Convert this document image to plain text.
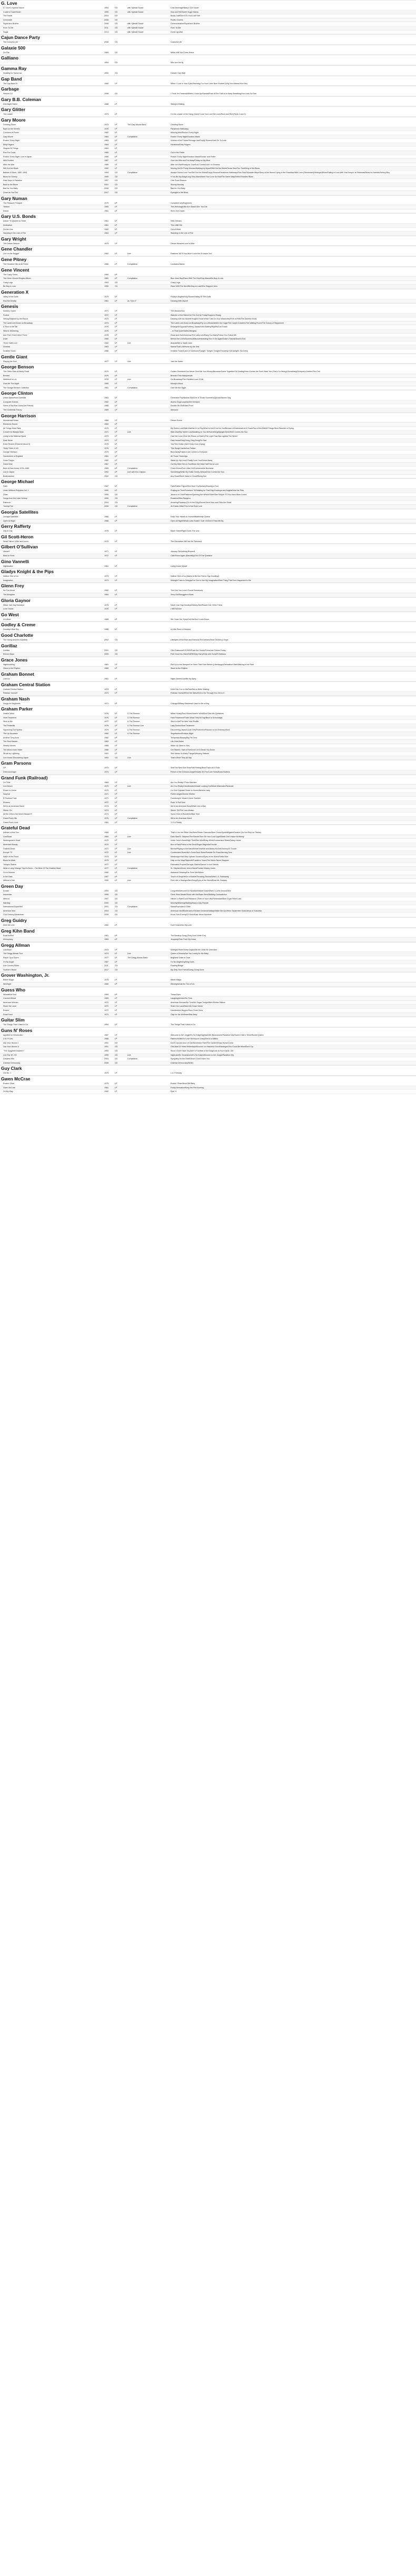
G. Love
G. Love & Special Sauce	1994	CD	with Special Sauce	Cold Beverage/Baby's Got Sauce
Coast to Coast Motel	1995	CD	with Special Sauce	Kiss and Tell/Sweet Sugar Mama
The Hustle	2004	CD	Booty Call/Give It To You/Lovin' Me
Lemonade	2006	CD	Rodeo Clowns
Superhero Brother	2008	CD	with Special Sauce	Communication/Superhero Brother
Fixin' To Die	2011	CD	with Special Sauce	Fixin' To Die
Sugar	2014	CD	with Special Sauce	Come Up Man
Cajun Dance Party
The Colourful Life	2008	CD	Colourful Life
Galaxie 500
On Fire	1989	CD	When Will You Come Home
Galliano
1994	CD	Who are the fly
Gamma Ray
Heading for Tomorrow	1990	CD	Heaven Can Wait
Gap Band
The Gap Band III	1980	LP	When I Look In Your Eyes/Yearning For Your Love/ Burn Rubber (Why You Wanna Hurt Me)
Garbage
Version 2.0	1998	CD	I Think I'm Paranoid/When I Grow Up/Special/Push It/The Trick Is to Keep Breathing/You Look So Fine
Gary B.B. Coleman
One Night Stand	1988	LP	Sitting & Waiting
Gary Glitter
The Leader	1974	LP	I'm the Leader of the Gang (I Am)/I Love You Love Me Love/Rock and Roll (Parts 1 and 2)
Gary Moore
Grinding Stone	1973	LP	The Gary Moore Band	Grinding Stone
Back on the Streets	1978	LP	Parisienne Walkways
Corridors of Power	1982	LP	Wishing Well/Rockin' Every Night
Gary Moore	1984	LP	Compilation	Rockin' Every Night/Nuclear Attack
Rockin' Every Night	1983	LP	Victims of the Future/Teenage Idol/Empty Rooms/Hold On To Love
Dirty Fingers	1984	LP	Hiroshima/Dirty Fingers
Shapes Of Things	1984	LP
Run For Cover	1985	LP	Out in the Fields
Rockin' Every Night: Live in Japan	1986	LP	Rockin' Every Night/Nuclear Attack/Rockin' and Rollin'
Wild Frontier	1987	LP	Over the Hills and Far Away/Friday on My Mind
After the War	1989	LP	After the War/Ready for Love/Led Clones/Livin' on Dreams
Still Got the Blues	1990	LP	Moving On/Oh Pretty Woman/Walking by Myself/Still Got the Blues/Texas Strut/Too Tired/King of the Blues
Ballads & Blues, 1982–1994	1994	CD	Compilation	Always Gonna Love You/Still Got the Blues/Empty Rooms/Parisienne Walkways/One Day/Separate Ways/Story of the Blues/Crying in the Shadows/With Love (Remember)/Midnight Blues/Falling in Love with You/Jumpin' at Shadows/Blues for Narada/Johnny Boy
Blues for Greeny	1995	CD	If You Be My Baby/Long Grey Mare/Need Your Love So Bad/The Same Way/Driftin'/Showbiz Blues
Dark Days in Paradise	1997	CD	One Good Reason
Back to the Blues	2001	CD	Stormy Monday
Bad for You Baby	2008	CD	Bad for You Baby
Close as You Get	2007	CD	Eyesight to the Blind
Gary Numan
The Pleasure Principle	1979	LP	Complex/Cars/Engineers
Telekon	1980	LP	This Wreckage/We Are Glass/I Die: You Die
Dance	1981	LP	She's Got Claws
Gary U.S. Bonds
Dance 'Til Quarter to Three	1961	LP	New Orleans
Dedication	1981	LP	This Little Girl
On the Line	1982	LP	Out of Work
Standing in the Line of Fire	1984	LP	Standing in the Line of Fire
Gary Wright
The Dream Weaver	1975	LP	Dream Weaver/Love Is Alive
Gene Chandler
Live on the Nugget	1962	LP	Live	Rainbow '65/"If You Won't Love Me I'll Leave You"
Gene Pitney
The Greatest Hits of All Times	1966	LP	Compilation	Louisiana Mama
Gene Vincent
The Crazy Times	1960	LP
The Gene Vincent Singles Album	1981	LP	Compilation	Blue Jean Bop/Race With The Devil/Say Mama/Be-Bop-A-Lula
Crazy Legs	1993	CD	Crazy Legs
Be-Bop-A-Lula	1995	CD	Race With The Devil/Be-Bop-A-Lula/Who Slapped John
Generation X
Valley of the Dolls	1979	LP	Friday's Angels/King Rocker/Valley Of The Dolls
Kiss Me Deadly	1981	LP	as "Gen X"	Dancing With Myself
Genesis
Nursery Cryme	1971	LP	The Musical Box
Foxtrot	1972	LP	Watcher of the Skies/Get 'Em Out by Friday/Supper's Ready
Selling England by the Pound	1973	LP	Dancing with the Moonlit Knight/I Know What I Like (In Your Wardrobe)/Firth of Fifth/The Cinema Show
The Lamb Lies Down on Broadway	1974	LP	The Lamb Lies Down on Broadway/Fly on a Windshield/In the Cage/The Carpet Crawlers/The Waiting Room/The Colony of Slippermen
A Trick of the Tail	1976	LP	Entangled/Squonk/Robbery, Assault and Battery/Ripples/Los Endos
Wind & Wuthering	1976	LP	...In That Quiet Earth/Afterglow
And Then There Were Three	1978	LP	Down and Out/Undertow/The Lady Lies/Many Too Many/Follow You Follow Me
Duke	1980	LP	Behind the Lines/Duchess/Misunderstanding/Turn It On Again/Duke's Travels/Duke's End
Three Sides Live	1982	LP	Live	Abacab/Me & Sarah Jane
Genesis	1983	LP	Mama/That's All/Home by the Sea
Invisible Touch	1986	LP	Invisible Touch/Land of Confusion/Tonight, Tonight, Tonight/Throwing It All Away/In Too Deep
Gentle Giant
Playing the Fool	1977	LP	Live	Just the Same
George Benson
The Other Side of Abbey Road	1970	LP	Golden Slumbers/You Never Give Me Your Money/Because/Come Together/Oh! Darling/Here Comes the Sun/I Want You (She's So Heavy)/Something/Octopus's Garden/The End
Breezin'	1976	LP	Breezin'/This Masquerade
Weekend in L.A.	1978	LP	Live	On Broadway/The Greatest Love Of All
Give Me The Night	1980	LP	Moody's Mood
The George Benson Collection	1981	LP	Compilation	Give Me the Night
George Clinton
Urban Dancefloor Guerillas	1983	LP	Generator Pop/Nubian Nut/One of Those Summers/Quickie/Atomic Dog
Computer Games	1982	LP	Atomic Dog/Loopzilla/Get Dressed
Some of My Best Jokes Are Friends	1985	LP	Double Oh-Oh/Bullet Proof
The Cinderella Theory	1989	LP	Airbound
George Harrison
Wonderwall Music	1968	LP	Dream Scene
Electronic Sound	1969	LP
All Things Must Pass	1970	LP	My Sweet Lord/Wah-Wah/Isn't It a Pity/What Is Life/If Not for You/Beware of Darkness/Let It Down/Run of the Mill/All Things Must Pass/Art of Dying
Concert for Bangla Desh	1971	LP	Live	Wah-Wah/My Sweet Lord/Awaiting on You All/Something/Bangla Desh/Here Comes the Sun
Living in the Material World	1973	LP	Give Me Love (Give Me Peace on Earth)/The Light That Has Lighted The World
Dark Horse	1974	LP	Dark Horse/Ding Dong, Ding Dong/So Sad
Extra Texture (Read All About It)	1975	LP	You/This Guitar (Can't Keep from Crying)
Thirty Three & 1/3	1976	LP	This Song/Crackerbox Palace
George Harrison	1979	LP	Blow Away/Faster/Love Comes to Everyone
Somewhere in England	1981	LP	All Those Years Ago
Gone Troppo	1982	LP	Wake Up My Love/I Really Love You/Dream Away
Cloud Nine	1987	LP	Got My Mind Set on You/When We Was Fab/This Is Love
Best of Dark Horse 1976–1989	1989	LP	Compilation	Cheer Down/Poor Little Girl/Cockamamie Business
Live in Japan	1992	LP	Live with Eric Clapton	Something/While My Guitar Gently Weeps/Here Comes the Sun
Brainwashed	2002	CD	Any Road/Stuck Inside a Cloud/Rising Sun
George Michael
Faith	1987	LP	Faith/Father Figure/One More Try/Monkey/Kissing a Fool
Listen Without Prejudice Vol. 1	1990	LP	Praying for Time/Freedom! '90/Waiting for That Day/Cowboys and Angels/Heal the Pain
Older	1996	CD	Jesus to a Child/Fastlove/Spinning the Wheel/Older/Star People '97/You Have Been Loved
Songs from the Last Century	1999	CD	Roxanne/Miss Sarajevo
Patience	2004	CD	Amazing/Flawless (Go to the City)/Round Here/John and Elvis Are Dead
Twenty Five	2006	CD	Compilation	An Easier Affair/This Is Not Real Love
Georgia Satellites
Georgia Satellites	1986	LP	Keep Your Hands to Yourself/Battleship Chains
Open All Night	1988	LP	Open All Night/Whole Lotta Shakin' Goin' On/Don't Pass Me By
Gerry Rafferty
City to City	1978	LP	Baker Street/Right Down The Line
Gil Scott-Heron
Small Talk at 125th and Lenox	1970	LP	The Revolution Will Not Be Televised
Gilbert O'Sullivan
Himself	1971	LP	January Git/Nothing Rhymed
Back to Front	1972	LP	Clair/Alone Again (Naturally)/Out Of The Question
Gino Vannelli
Nightwalker	1981	LP	Living Inside Myself
Gladys Knight & the Pips
Neither One of Us	1973	LP	Neither One of Us (Wants to Be the First to Say Goodbye)
Imagination	1973	LP	Midnight Train to Georgia/I've Got to Use My Imagination/Best Thing That Ever Happened to Me
Glenn Frey
No Fun Aloud	1982	LP	The One You Love/I Found Somebody
The Allnighter	1984	LP	Sexy Girl/Smuggler's Blues
Gloria Gaynor
Never Can Say Goodbye	1975	LP	Never Can Say Goodbye/Honey Bee/Reach Out, I'll Be There
Love Tracks	1978	LP	I Will Survive
Go West
Go West	1985	LP	We Close Our Eyes/Call Me/Don't Look Down
Godley & Creme
Goodbye Blue Sky	1988	LP	A Little Piece of Heaven
Good Charlotte
The Young and the Hopeless	2002	CD	Lifestyles of the Rich and Famous/The Anthem/Hold On/Girls & Boys
Gorillaz
Gorillaz	2001	CD	Clint Eastwood/19-2000/Rock the House/Tomorrow Comes Today
Demon Days	2005	CD	Feel Good Inc./Dare/DARE/Dirty Harry/Kids with Guns/El Mañana
Grace Jones
Nightclubbing	1981	LP	Pull Up to the Bumper/I've Seen That Face Before (Libertango)/Demolition Man/Walking in the Rain
Slave to the Rhythm	1985	LP	Slave to the Rhythm
Graham Bonnet
Line-Up	1981	LP	Night Games/Liar/Be My Baby
Graham Central Station
Graham Central Station	1974	LP	It Ain't No Fun to Me/Hair/We've Been Waiting
Release Yourself	1974	LP	Release Yourself/Feel the Need/Got to Go Through It to Get to It
Graham Nash
Songs for Beginners	1971	LP	Chicago/Military Madness/I Used to Be a King
Graham Parker
Howlin' Wind	1976	LP	& The Rumour	White Honey/Soul Shoes/Howlin' Wind/Don't Ask Me Questions
Heat Treatment	1976	LP	& The Rumour	Heat Treatment/That's What They All Say/Back to Schooldays
Stick to Me	1977	LP	& The Rumour	Stick to Me/The New York Shuffle
The Parkerilla	1978	LP	& The Rumour Live	Lady Doctor/Heat Treatment
Squeezing Out Sparks	1979	LP	& The Rumour	Discovering Japan/Local Girls/Protection/Passion Is No Ordinary Word
The Up Escalator	1980	LP	& The Rumour	Stupefaction/Endless Night
Another Grey Area	1982	LP	Temporary Beauty/Big Fat Zero
The Real Macaw	1983	LP	Life Gets Better
Steady Nerves	1985	LP	Wake Up (Next to You)
The Mona Lisa's Sister	1988	LP	Get Started. Start a Fire/Don't Let It Break You Down
Struck by Lightning	1991	LP	She Wants So Many Things/Weeping Statues
Live Alone! Discovering Japan	1993	CD	Live	That's What They All Say
Gram Parsons
GP	1973	LP	She/The New Soft Shoe/Still Feeling Blue/That's All It Took
Grievous Angel	1974	LP	Return of the Grievous Angel/Hearts On Fire/Love Hurts/Brass Buttons
Grand Funk (Railroad)
On Time	1969	LP	Are You Ready?/Time Machine
Live Album	1970	LP	Live	Are You Ready/Heartbreaker/Inside Looking Out/Mean Mistreater/Paranoid
Closer to Home	1970	LP	I'm Your Captain/Closer to Home/Aimless Lady
Survival	1971	LP	Feelin' Alright/Gimme Shelter
E Pluribus Funk	1971	LP	Footstompin' Music/I Come Tumblin'
Phoenix	1972	LP	Rock 'N Roll Soul
We're an American Band	1973	LP	We're an American Band/Walk Like a Man
Shinin' On	1974	LP	Shinin' On/The Loco-Motion
All the Girls in the World Beware!!!	1974	LP	Some Kind of Wonderful/Bad Time
Grand Funk Hits	1976	LP	Compilation	We're An American Band
Grand Funk Lives	1981	LP	Y-O-U/Testify
Grateful Dead
Anthem of the Sun	1968	LP	That's It for the Other One/New Potato Caboose/Born Cross-Eyed/Alligator/Caution (Do Not Stop on Tracks)
Live/Dead	1969	LP	Live	Dark Star/St. Stephen/The Eleven/Turn On Your Love Light/Death Don't Have No Mercy
Workingman's Dead	1970	LP	Uncle John's Band/High Time/Dire Wolf/Easy Wind/Cumberland Blues/Casey Jones
American Beauty	1970	LP	Box of Rain/Friend of the Devil/Sugar Magnolia/Truckin'
Grateful Dead	1971	LP	Live	Bertha/Playing in the Band/Wharf Rat/Me and Bobby McGee/Johnny B. Goode
Europe '72	1972	LP	Live	Cumberland Blues/He's Gone/Jack Straw/Ramble On Rose/Morning Dew
Wake of the Flood	1973	LP	Mississippi Half-Step Uptown Toodeloo/Eyes of the World/Stella Blue
Blues for Allah	1975	LP	Help on the Way/Slipknot!/Franklin's Tower/The Music Never Stopped
Terrapin Station	1977	LP	Estimated Prophet/Terrapin Station/Dancin' in the Streets
What a Long Strange Trip It's Been – The Best Of The Grateful Dead	1977	LP	Compilation	St. Stephen/Uncle John's Band/Truckin'/Casey Jones
Go to Heaven	1980	LP	Alabama Getaway/Far From Me/Althea
In the Dark	1987	LP	Touch of Grey/Hell in a Bucket/Throwing Stones/West L.A. Fadeaway
Without a Net	1990	LP	Live	Feel Like a Stranger/Bird Song/Eyes of the World/Dear Mr. Fantasy
Green Day
Dookie	1994	CD	Longview/Welcome to Paradise/Basket Case/When I Come Around/She
Insomniac	1995	CD	Geek Stink Breath/Stuck with Me/Brain Stew/Walking Contradiction
Nimrod	1997	CD	Hitchin' a Ride/Good Riddance (Time of Your Life)/Redundant/Nice Guys Finish Last
Warning	2000	CD	Minority/Warning/Waiting/Macy's Day Parade
International Superhits!	2001	CD	Compilation	Maria/Poprocks & Coke
American Idiot	2004	CD	American Idiot/Boulevard of Broken Dreams/Holiday/Wake Me Up When September Ends/Jesus of Suburbia
21st Century Breakdown	2009	CD	Know Your Enemy/21 Guns/East Jesus Nowhere
Greg Guidry
Over the Line	1982	LP	Goin' Down/Into My Love
Greg Kihn Band
RocKihnRoll	1981	LP	The Breakup Song (They Don't Write 'Em)
Kihnspiracy	1983	LP	Jeopardy/Tear That City Down
Gregg Allman
Laid Back	1973	LP	Midnight Rider/These Days/Will the Circle Be Unbroken
The Gregg Allman Tour	1974	LP	Live	Queen of Hearts/Are You Lonely for Me Baby
Playin' Up a Storm	1977	LP	The Gregg Allman Band	Brightest Smile in Town
I'm No Angel	1987	LP	I'm No Angel/Anything Goes
Low Country Blues	2011	CD	Floating Bridge
Southern Blood	2017	CD	My Only True Friend/Going Going Gone
Grover Washington, Jr.
Mister Magic	1975	LP	Mister Magic
Winelight	1980	LP	Winelight/Just the Two of Us
Guess Who
Wheatfield Soul	1969	LP	These Eyes
Canned Wheat	1969	LP	Laughing/Undun/No Time
American Woman	1970	LP	American Woman/No Time/No Sugar Tonight/New Mother Nature
Share the Land	1970	LP	Share the Land/Hand Me Down World
Rockin'	1972	LP	Heartbroken Bopper/Guns Guns Guns
Road Food	1974	LP	Clap for the Wolfman/Star Baby
Guitar Slim
The Things That I Used to Do	1954	LP	The Things That I Used to Do
Guns N' Roses
Appetite for Destruction	1987	LP	Welcome to the Jungle/It's So Easy/Nightrain/Mr. Brownstone/Paradise City/Sweet Child o' Mine/Rocket Queen
G N' R Lies	1988	LP	Patience/Used to Love Her/You're Crazy/One in a Million
Use Your Illusion I	1991	CD	Don't Cry/Live and Let Die/November Rain/The Garden/Dead Horse/Coma
Use Your Illusion II	1991	CD	Civil War/14 Years/Yesterdays/Knockin' on Heaven's Door/Estranged/You Could Be Mine/Don't Cry
"The Spaghetti Incident?"	1993	CD	Since I Don't Have You/Ain't It Fun/Hair of the Dog/Look at Your Game, Girl
Live Era '87–'93	1999	CD	Live	Nightrain/Mr. Brownstone/It's So Easy/Welcome to the Jungle/Paradise City
Greatest Hits	2004	CD	Compilation	Sympathy for the Devil/Since I Don't Have You
Chinese Democracy	2008	CD	Chinese Democracy/Better
Guy Clark
Old No. 1	1975	LP	L.A. Freeway
Gwen McCrae
Rockin' Chair	1975	LP	Rockin' Chair/Move Me Baby
Gwen McCrae	1981	LP	Funky Sensation/Keep the Fire Burning
On My Way	1982	LP	Doin' It
